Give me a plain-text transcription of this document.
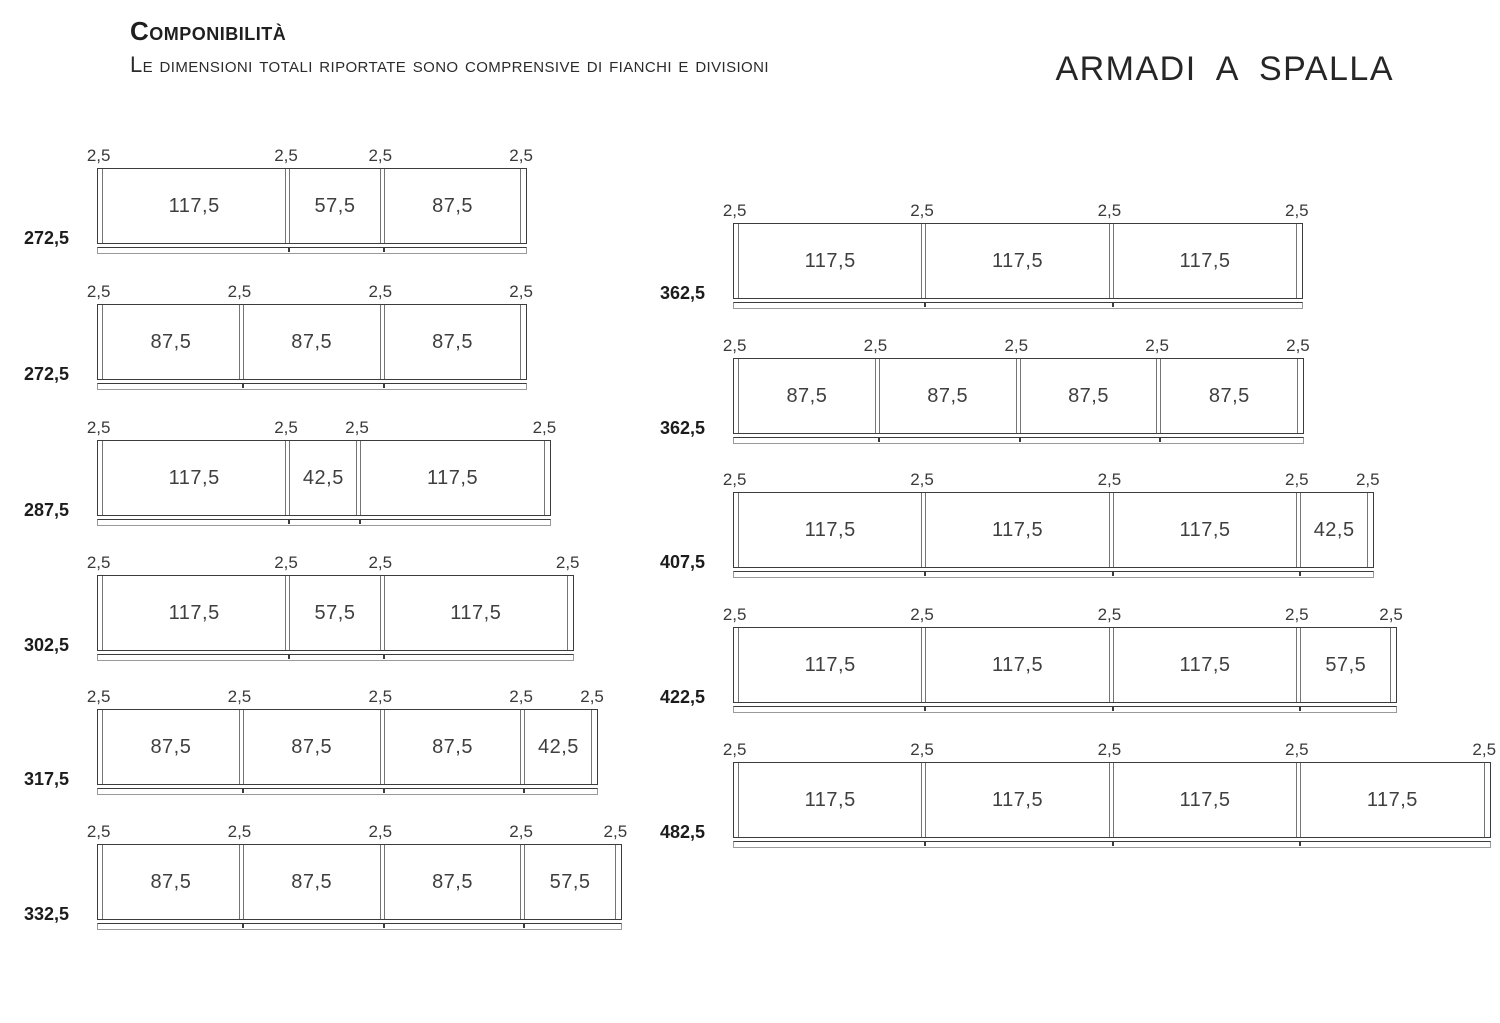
Componibilità
Le dimensioni totali riportate sono comprensive di fianchi e divisioni	ARMADI A SPALLA
272,5
117,5	57,5	87,5
2,5	2,5	2,5	2,5
272,5
87,5	87,5	87,5
2,5	2,5	2,5	2,5
287,5
117,5	42,5	117,5
2,5	2,5	2,5	2,5
302,5
117,5	57,5	117,5
2,5	2,5	2,5	2,5
317,5
87,5	87,5	87,5	42,5
2,5	2,5	2,5	2,5	2,5
332,5
87,5	87,5	87,5	57,5
2,5	2,5	2,5	2,5	2,5
362,5
117,5	117,5	117,5
2,5	2,5	2,5	2,5
362,5
87,5	87,5	87,5	87,5
2,5	2,5	2,5	2,5	2,5
407,5
117,5	117,5	117,5	42,5
2,5	2,5	2,5	2,5	2,5
422,5
117,5	117,5	117,5	57,5
2,5	2,5	2,5	2,5	2,5
482,5
117,5	117,5	117,5	117,5
2,5	2,5	2,5	2,5	2,5
